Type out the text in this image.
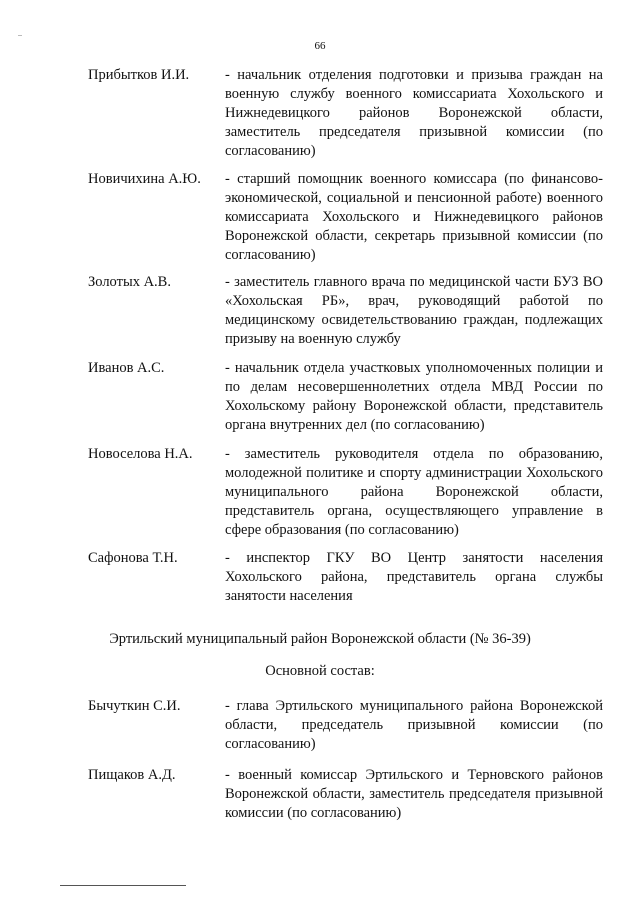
66
Прибытков И.И. - начальник отделения подготовки и призыва граждан на военную службу военного комиссариата Хохольского и Нижнедевицкого районов Воронежской области, заместитель председателя призывной комиссии (по согласованию)
Новичихина А.Ю. - старший помощник военного комиссара (по финансово-экономической, социальной и пенсионной работе) военного комиссариата Хохольского и Нижнедевицкого районов Воронежской области, секретарь призывной комиссии (по согласованию)
Золотых А.В.	- заместитель главного врача по медицинской части БУЗ ВО «Хохольская РБ», врач, руководящий работой по медицинскому освидетельствованию граждан, подлежащих призыву на военную службу
Иванов А.С.	- начальник отдела участковых уполномоченных полиции и по делам несовершеннолетних отдела МВД России по Хохольскому району Воронежской области, представитель органа внутренних дел (по согласованию)
Новоселова Н.А. - заместитель руководителя отдела по образованию, молодежной политике и спорту администрации Хохольского муниципального района Воронежской области, представитель органа, осуществляющего управление в сфере образования (по согласованию)
Сафонова Т.Н.	- инспектор ГКУ ВО Центр занятости населения Хохольского района, представитель органа службы занятости населения
Эртильский муниципальный район Воронежской области (№ 36-39)
Основной состав:
Бычуткин С.И.	- глава Эртильского муниципального района Воронежской области, председатель призывной комиссии (по согласованию)
Пищаков А.Д.	- военный комиссар Эртильского и Терновского районов Воронежской области, заместитель председателя призывной комиссии (по согласованию)
